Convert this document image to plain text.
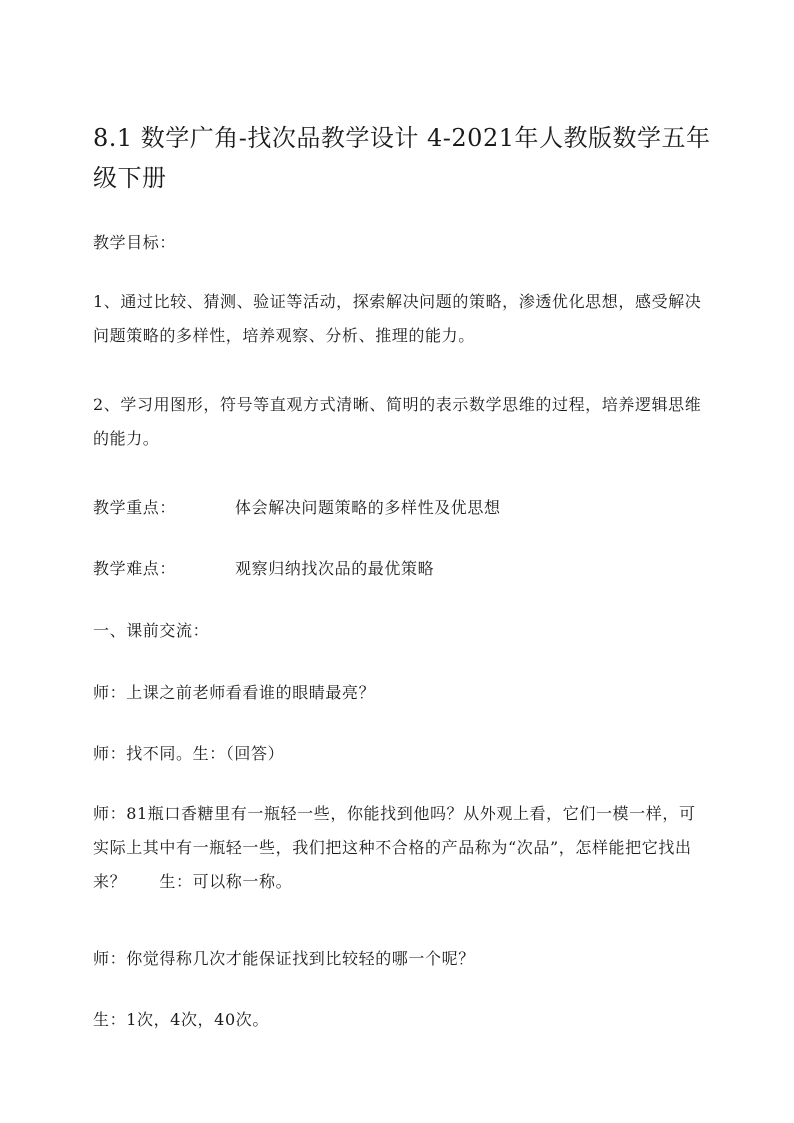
8.1 数学广角-找次品教学设计 4-2021年人教版数学五年级下册

教学目标：

1、通过比较、猜测、验证等活动，探索解决问题的策略，渗透优化思想，感受解决问题策略的多样性，培养观察、分析、推理的能力。

2、学习用图形，符号等直观方式清晰、简明的表示数学思维的过程，培养逻辑思维的能力。

教学重点：	体会解决问题策略的多样性及优思想

教学难点：	观察归纳找次品的最优策略

一、课前交流：

师：上课之前老师看看谁的眼睛最亮？

师：找不同。生：（回答）

师：81瓶口香糖里有一瓶轻一些，你能找到他吗？从外观上看，它们一模一样，可实际上其中有一瓶轻一些，我们把这种不合格的产品称为“次品”，怎样能把它找出来？　　生：可以称一称。

师：你觉得称几次才能保证找到比较轻的哪一个呢？

生：1次，4次，40次。
